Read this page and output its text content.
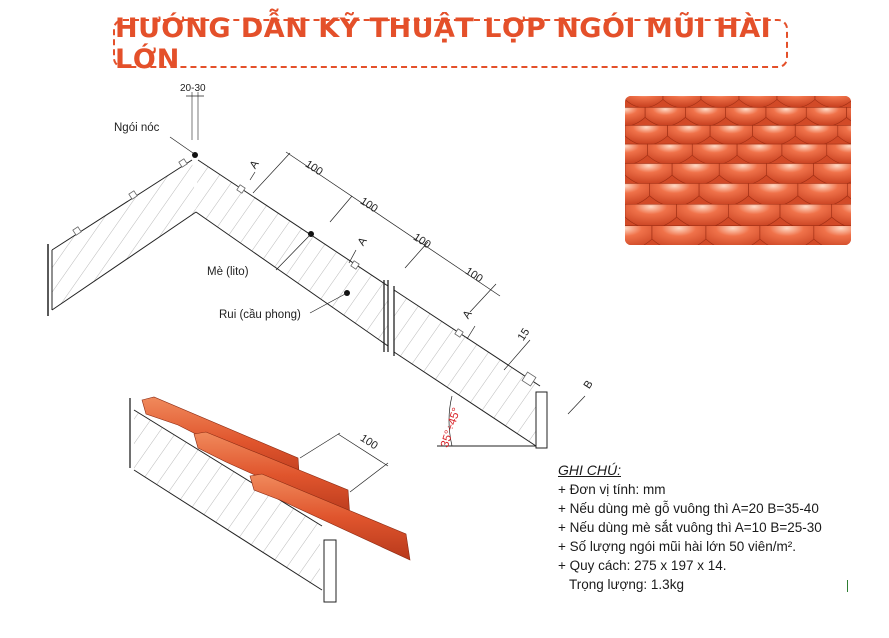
HƯỚNG DẪN KỸ THUẬT LỢP NGÓI MŨI HÀI LỚN
20-30
Ngói nóc
Mè (lito)
Rui (cầu phong)
100
100
100
100
A
A
A
15
B
35°÷45°
100
GHI CHÚ:
+ Đơn vị tính: mm
+ Nếu dùng mè gỗ vuông thì A=20 B=35-40
+ Nếu dùng mè sắt vuông thì A=10 B=25-30
+ Số lượng ngói mũi hài lớn 50 viên/m².
+ Quy cách: 275 x 197 x 14.
Trọng lượng: 1.3kg
